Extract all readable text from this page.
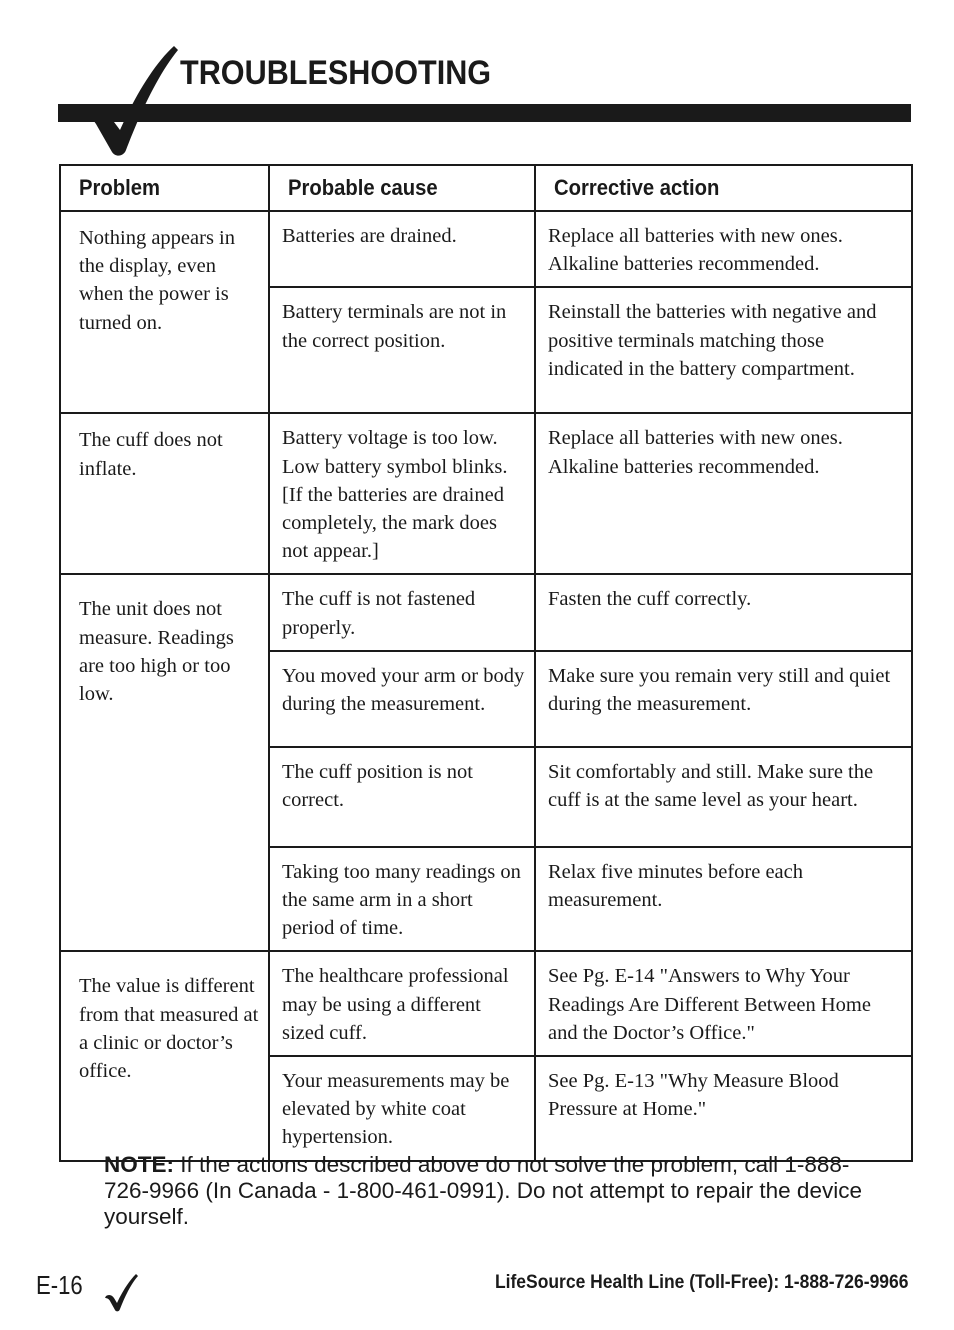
TROUBLESHOOTING
Problem	Probable cause	Corrective action
Nothing appears in the display, even when the power is turned on.	Batteries are drained.	Replace all batteries with new ones. Alkaline batteries recommended.
	Battery terminals are not in the correct position.	Reinstall the batteries with negative and positive terminals matching those indicated in the battery compartment.
The cuff does not inflate.	Battery voltage is too low. Low battery symbol blinks. [If the batteries are drained completely, the mark does not appear.]	Replace all batteries with new ones. Alkaline batteries recommended.
The unit does not measure. Readings are too high or too low.	The cuff is not fastened properly.	Fasten the cuff correctly.
	You moved your arm or body during the measurement.	Make sure you remain very still and quiet during the measurement.
	The cuff position is not correct.	Sit comfortably and still. Make sure the cuff is at the same level as your heart.
	Taking too many readings on the same arm in a short period of time.	Relax five minutes before each measurement.
The value is different from that measured at a clinic or doctor’s office.	The healthcare professional may be using a different sized cuff.	See Pg. E-14 "Answers to Why Your Readings Are Different Between Home and the Doctor’s Office."
	Your measurements may be elevated by white coat hypertension.	See Pg. E-13 "Why Measure Blood Pressure at Home."
NOTE: If the actions described above do not solve the problem, call 1-888-726-9966 (In Canada - 1-800-461-0991). Do not attempt to repair the device yourself.
E-16	LifeSource Health Line (Toll-Free): 1-888-726-9966
